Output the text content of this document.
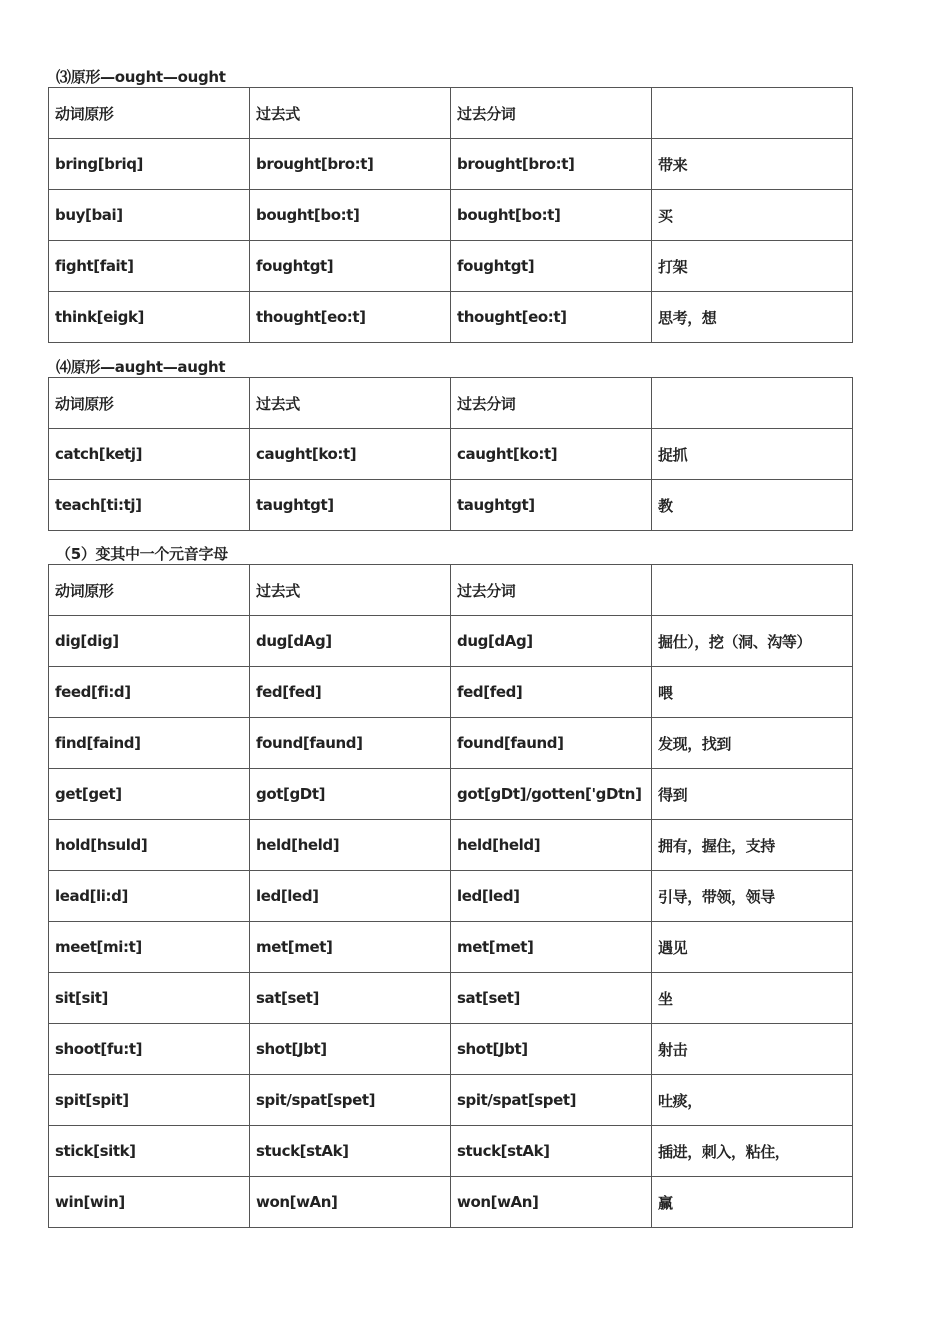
⑶原形—ought—ought
动词原形	过去式	过去分词	
bring[briq]	brought[bro:t]	brought[bro:t]	带来
buy[bai]	bought[bo:t]	bought[bo:t]	买
fight[fait]	foughtgt]	foughtgt]	打架
think[eigk]	thought[eo:t]	thought[eo:t]	思考，想
⑷原形—aught—aught
动词原形	过去式	过去分词	
catch[ketj]	caught[ko:t]	caught[ko:t]	捉抓
teach[ti:tj]	taughtgt]	taughtgt]	教
（5）变其中一个元音字母
动词原形	过去式	过去分词	
dig[dig]	dug[dAg]	dug[dAg]	掘仕），挖（洞、沟等）
feed[fi:d]	fed[fed]	fed[fed]	喂
find[faind]	found[faund]	found[faund]	发现，找到
get[get]	got[gDt]	got[gDt]/gotten['gDtn]	得到
hold[hsuld]	held[held]	held[held]	拥有，握住，支持
lead[li:d]	led[led]	led[led]	引导，带领，领导
meet[mi:t]	met[met]	met[met]	遇见
sit[sit]	sat[set]	sat[set]	坐
shoot[fu:t]	shot[Jbt]	shot[Jbt]	射击
spit[spit]	spit/spat[spet]	spit/spat[spet]	吐痰，
stick[sitk]	stuck[stAk]	stuck[stAk]	插进，刺入，粘住，
win[win]	won[wAn]	won[wAn]	赢
